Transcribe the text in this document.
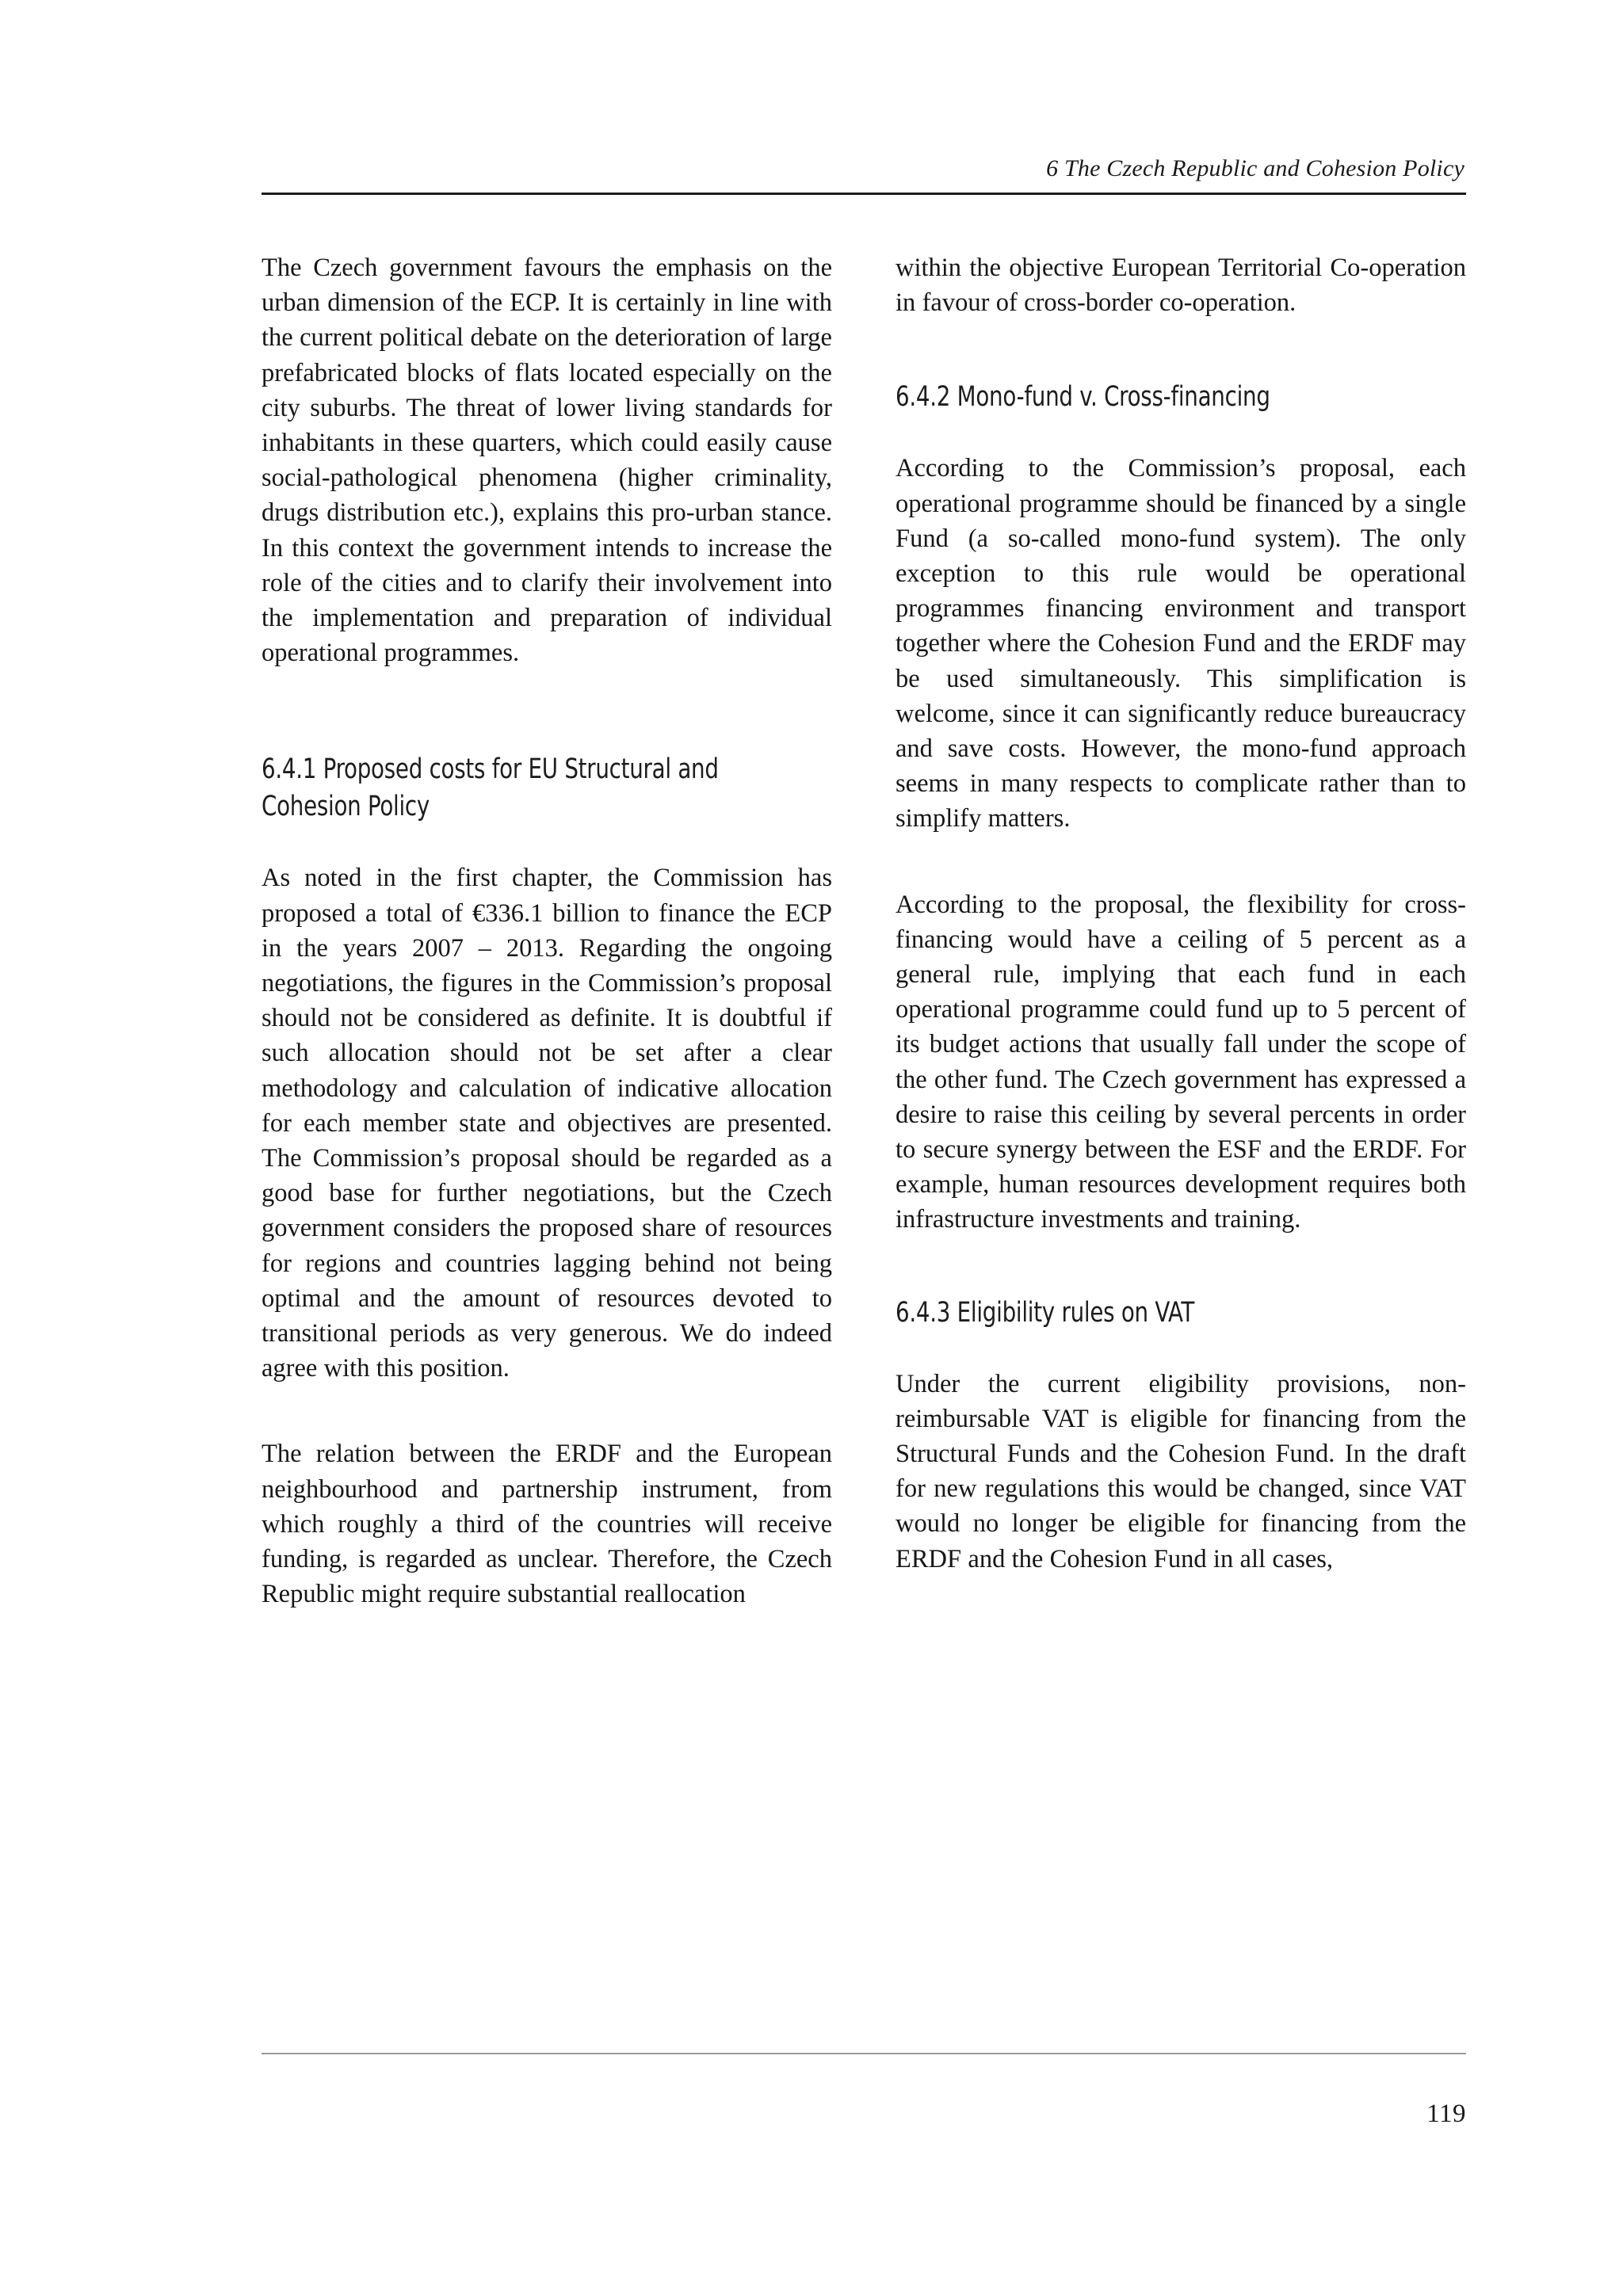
6 The Czech Republic and Cohesion Policy

The Czech government favours the emphasis on the urban dimension of the ECP. It is certainly in line with the current political debate on the deterioration of large prefabricated blocks of flats located especially on the city suburbs. The threat of lower living standards for inhabitants in these quarters, which could easily cause social-pathological phenomena (higher criminality, drugs distribution etc.), explains this pro-urban stance. In this context the government intends to increase the role of the cities and to clarify their involvement into the implementation and preparation of individual operational programmes.

6.4.1 Proposed costs for EU Structural and Cohesion Policy

As noted in the first chapter, the Commission has proposed a total of €336.1 billion to finance the ECP in the years 2007 – 2013. Regarding the ongoing negotiations, the figures in the Commission’s proposal should not be considered as definite. It is doubtful if such allocation should not be set after a clear methodology and calculation of indicative allocation for each member state and objectives are presented. The Commission’s proposal should be regarded as a good base for further negotiations, but the Czech government considers the proposed share of resources for regions and countries lagging behind not being optimal and the amount of resources devoted to transitional periods as very generous. We do indeed agree with this position.

The relation between the ERDF and the European neighbourhood and partnership instrument, from which roughly a third of the countries will receive funding, is regarded as unclear. Therefore, the Czech Republic might require substantial reallocation

within the objective European Territorial Co-operation in favour of cross-border co-operation.

6.4.2 Mono-fund v. Cross-financing

According to the Commission’s proposal, each operational programme should be financed by a single Fund (a so-called mono-fund system). The only exception to this rule would be operational programmes financing environment and transport together where the Cohesion Fund and the ERDF may be used simultaneously. This simplification is welcome, since it can significantly reduce bureaucracy and save costs. However, the mono-fund approach seems in many respects to complicate rather than to simplify matters.

According to the proposal, the flexibility for cross-financing would have a ceiling of 5 percent as a general rule, implying that each fund in each operational programme could fund up to 5 percent of its budget actions that usually fall under the scope of the other fund. The Czech government has expressed a desire to raise this ceiling by several percents in order to secure synergy between the ESF and the ERDF. For example, human resources development requires both infrastructure investments and training.

6.4.3 Eligibility rules on VAT

Under the current eligibility provisions, non-reimbursable VAT is eligible for financing from the Structural Funds and the Cohesion Fund. In the draft for new regulations this would be changed, since VAT would no longer be eligible for financing from the ERDF and the Cohesion Fund in all cases,

119
